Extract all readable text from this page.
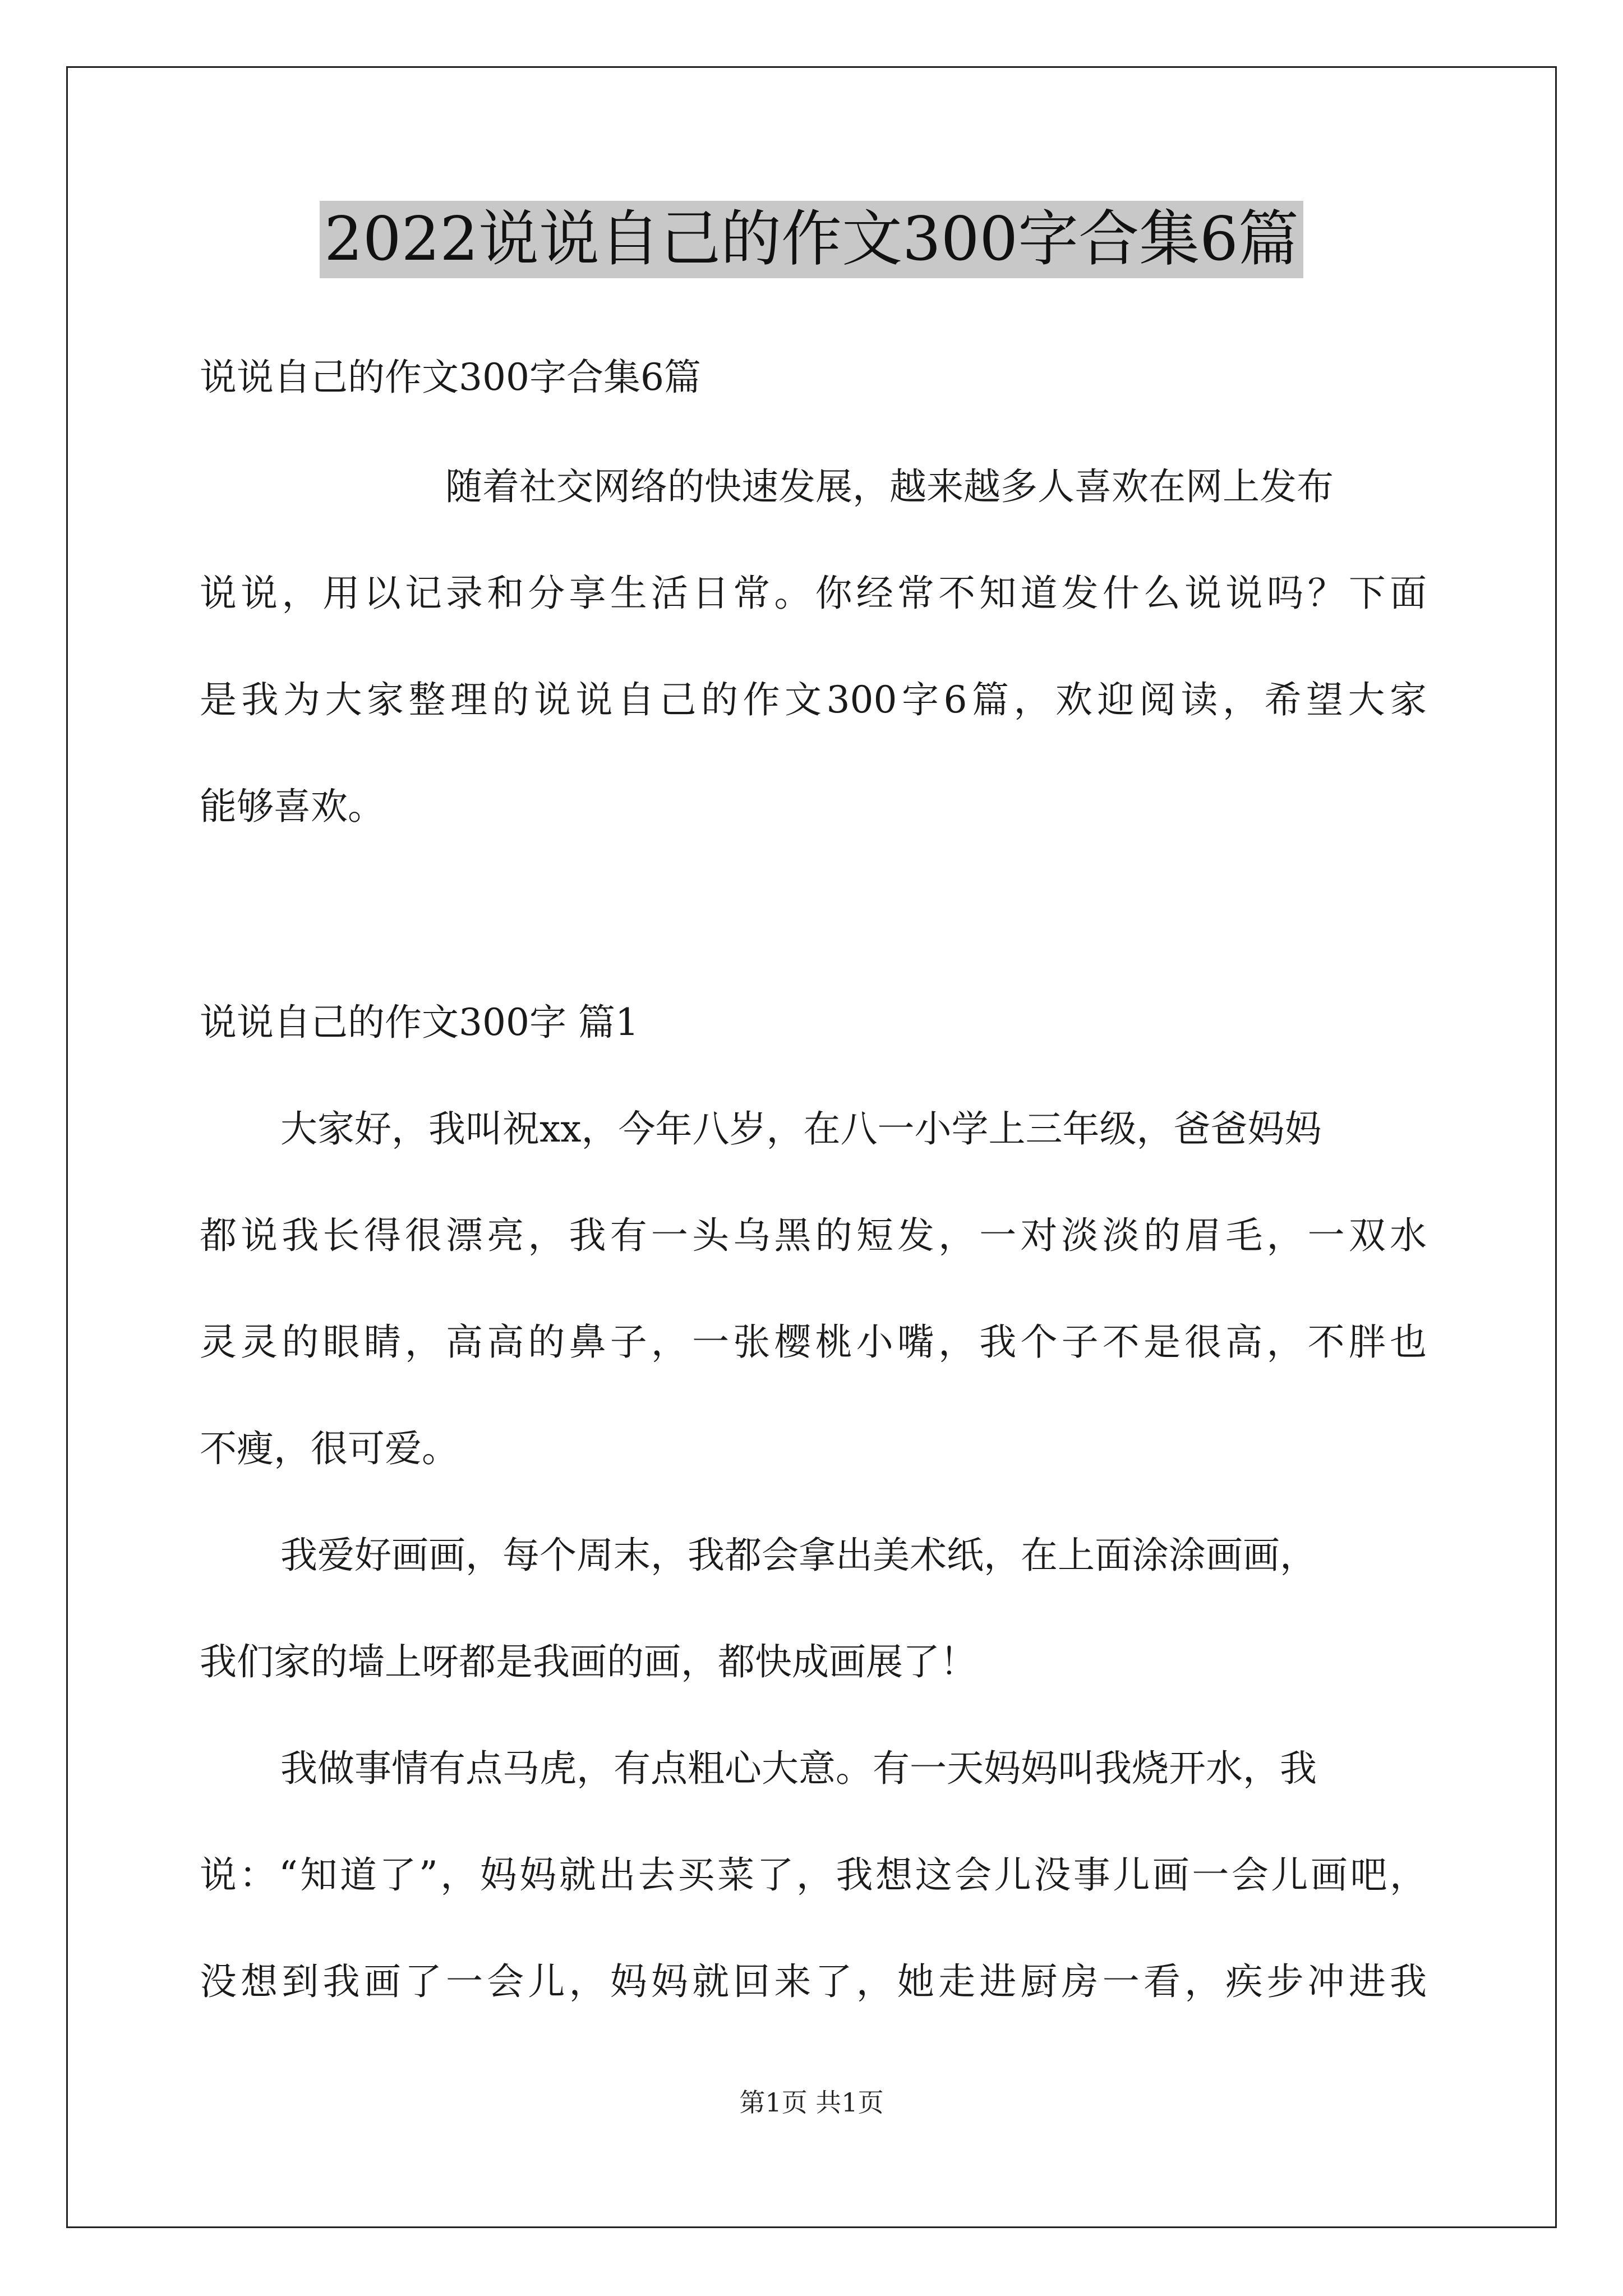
2022说说自己的作文300字合集6篇
说说自己的作文300字合集6篇
随着社交网络的快速发展，越来越多人喜欢在网上发布
说说，用以记录和分享生活日常。你经常不知道发什么说说吗？下面
是我为大家整理的说说自己的作文300字6篇，欢迎阅读，希望大家
能够喜欢。
说说自己的作文300字 篇1
大家好，我叫祝xx，今年八岁，在八一小学上三年级，爸爸妈妈
都说我长得很漂亮，我有一头乌黑的短发，一对淡淡的眉毛，一双水
灵灵的眼睛，高高的鼻子，一张樱桃小嘴，我个子不是很高，不胖也
不瘦，很可爱。
我爱好画画，每个周末，我都会拿出美术纸，在上面涂涂画画，
我们家的墙上呀都是我画的画，都快成画展了！
我做事情有点马虎，有点粗心大意。有一天妈妈叫我烧开水，我
说：“知道了”，妈妈就出去买菜了，我想这会儿没事儿画一会儿画吧，
没想到我画了一会儿，妈妈就回来了，她走进厨房一看，疾步冲进我
第1页 共1页
